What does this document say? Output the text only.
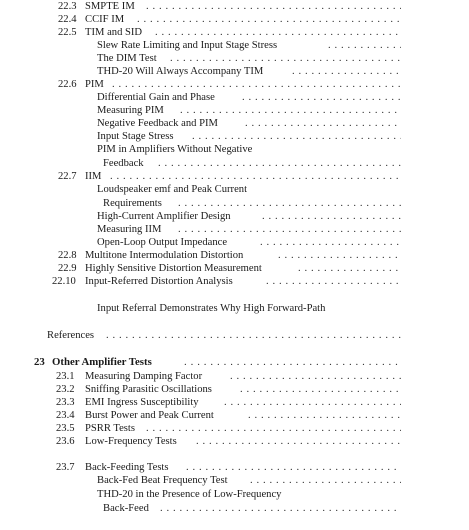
22.3 SMPTE IM
. . .
22.4 CCIF IM
. . .
22.5 TIM and SID
. . .
Slew Rate Limiting and Input Stage Stress
. . .
The DIM Test
. . .
THD-20 Will Always Accompany TIM
. . .
22.6 PIM
. . .
Differential Gain and Phase
. . .
Measuring PIM
. . .
Negative Feedback and PIM
. . .
Input Stage Stress
. . .
PIM in Amplifiers Without Negative
Feedback
. . .
22.7 IIM
. . .
Loudspeaker emf and Peak Current
Requirements
. . .
High-Current Amplifier Design
. . .
Measuring IIM
. . .
Open-Loop Output Impedance
. . .
22.8 Multitone Intermodulation Distortion
. . .
22.9 Highly Sensitive Distortion Measurement
. . .
22.10 Input-Referred Distortion Analysis
. . .
Input Referral Demonstrates Why High Forward-Path
References
. . .
23 Other Amplifier Tests
. . .
23.1 Measuring Damping Factor
. . .
23.2 Sniffing Parasitic Oscillations
. . .
23.3 EMI Ingress Susceptibility
. . .
23.4 Burst Power and Peak Current
. . .
23.5 PSRR Tests
. . .
23.6 Low-Frequency Tests
. . .
23.7 Back-Feeding Tests
. . .
Back-Fed Beat Frequency Test
. . .
THD-20 in the Presence of Low-Frequency
Back-Feed
. . .
